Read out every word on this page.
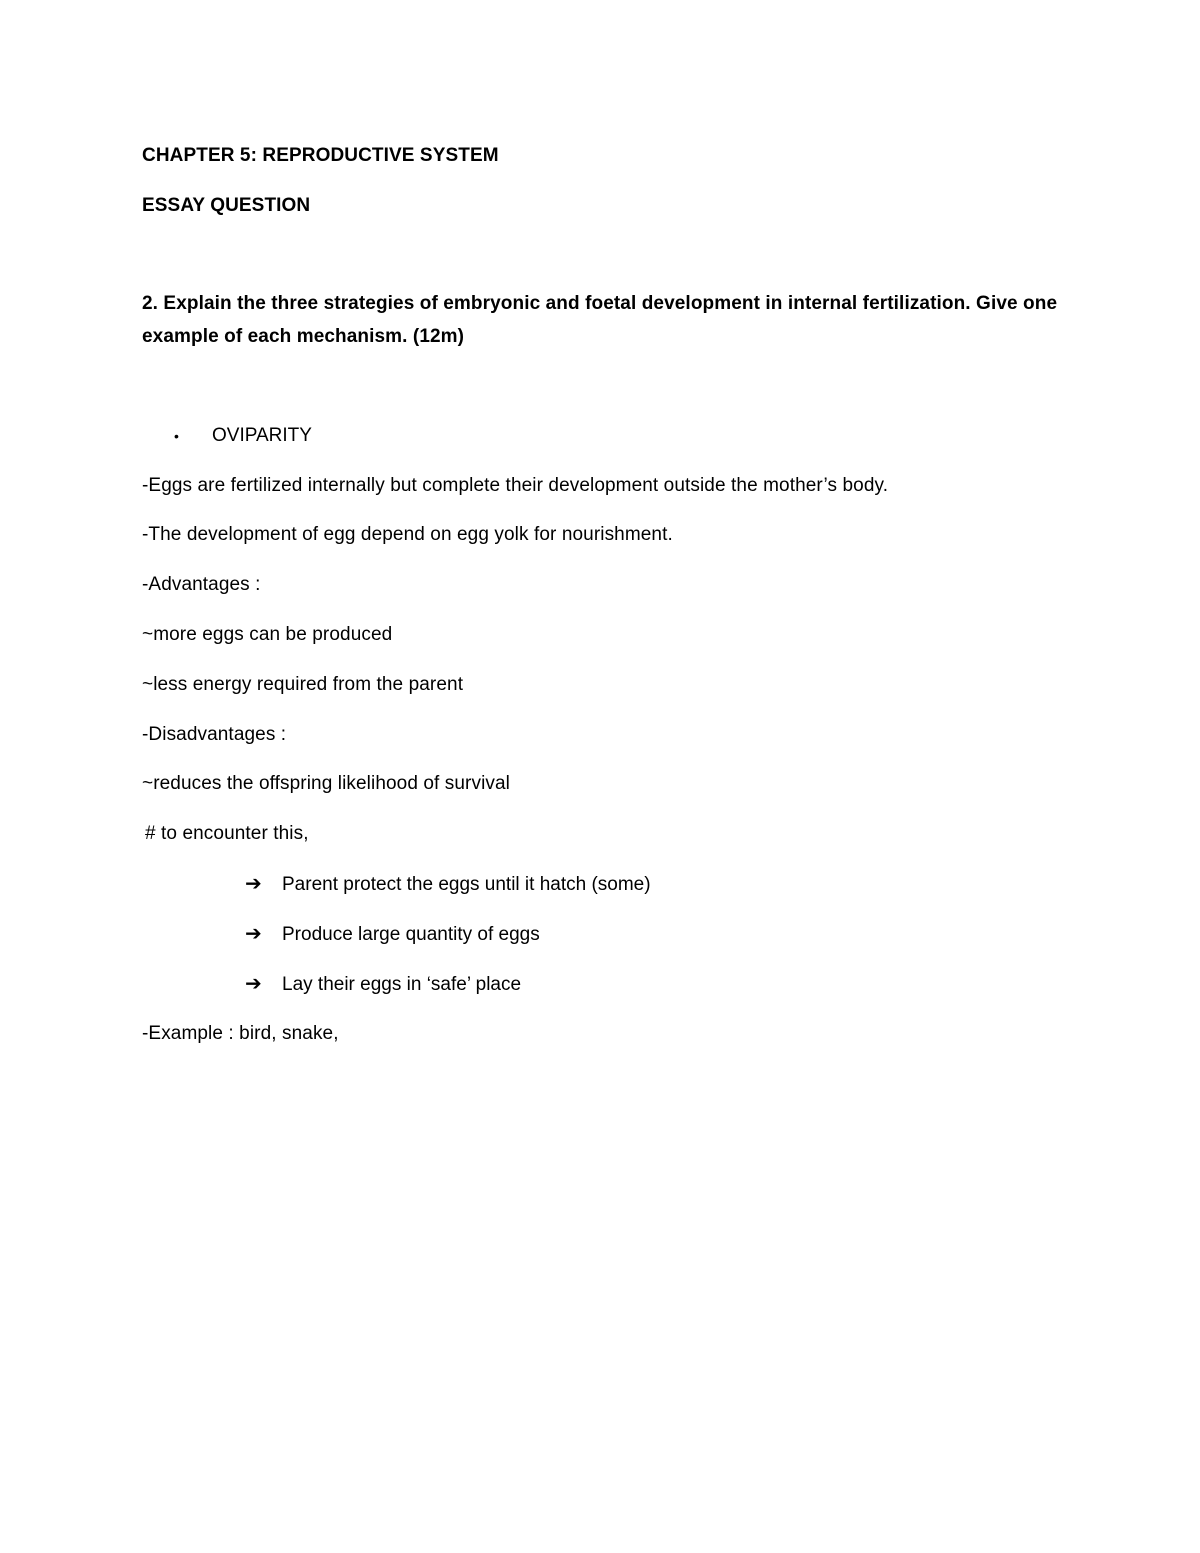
CHAPTER 5: REPRODUCTIVE SYSTEM
ESSAY QUESTION
2. Explain the three strategies of embryonic and foetal development in internal fertilization. Give one
example of each mechanism. (12m)
• OVIPARITY
-Eggs are fertilized internally but complete their development outside the mother’s body.
-The development of egg depend on egg yolk for nourishment.
-Advantages :
~more eggs can be produced
~less energy required from the parent
-Disadvantages :
~reduces the offspring likelihood of survival
# to encounter this,
➔ Parent protect the eggs until it hatch (some)
➔ Produce large quantity of eggs
➔ Lay their eggs in ‘safe’ place
-Example : bird, snake,
